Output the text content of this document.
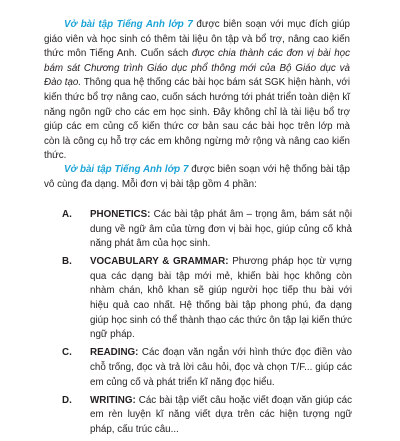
Vở bài tập Tiếng Anh lớp 7 được biên soạn với mục đích giúp giáo viên và học sinh có thêm tài liệu ôn tập và bổ trợ, nâng cao kiến thức môn Tiếng Anh. Cuốn sách được chia thành các đơn vị bài học bám sát Chương trình Giáo dục phổ thông mới của Bộ Giáo dục và Đào tạo. Thông qua hệ thống các bài học bám sát SGK hiện hành, với kiến thức bổ trợ nâng cao, cuốn sách hướng tới phát triển toàn diện kĩ năng ngôn ngữ cho các em học sinh. Đây không chỉ là tài liệu bổ trợ giúp các em củng cố kiến thức cơ bản sau các bài học trên lớp mà còn là công cụ hỗ trợ các em không ngừng mở rộng và nâng cao kiến thức.

Vở bài tập Tiếng Anh lớp 7 được biên soạn với hệ thống bài tập vô cùng đa dạng. Mỗi đơn vị bài tập gồm 4 phần:

A. PHONETICS: Các bài tập phát âm – trọng âm, bám sát nội dung về ngữ âm của từng đơn vị bài học, giúp củng cố khả năng phát âm của học sinh.
B. VOCABULARY & GRAMMAR: Phương pháp học từ vựng qua các dạng bài tập mới mẻ, khiến bài học không còn nhàm chán, khô khan sẽ giúp người học tiếp thu bài với hiệu quả cao nhất. Hệ thống bài tập phong phú, đa dạng giúp học sinh có thể thành thạo các thức ôn tập lại kiến thức ngữ pháp.
C. READING: Các đoạn văn ngắn với hình thức đọc điền vào chỗ trống, đọc và trả lời câu hỏi, đọc và chọn T/F... giúp các em củng cố và phát triển kĩ năng đọc hiểu.
D. WRITING: Các bài tập viết câu hoặc viết đoạn văn giúp các em rèn luyện kĩ năng viết dựa trên các hiện tượng ngữ pháp, cấu trúc câu...
